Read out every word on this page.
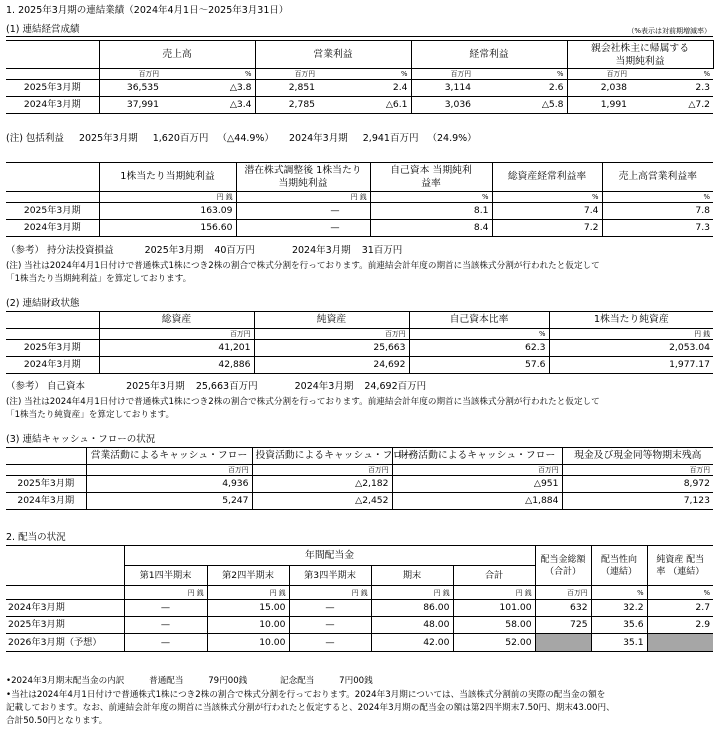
1. 2025年3月期の連結業績（2024年4月1日～2025年3月31日）
(1) 連結経営成績	（%表示は対前期増減率）
	売上高		営業利益		経常利益		親会社株主に帰属する当期純利益	
	百万円	%	百万円	%	百万円	%	百万円	%
2025年3月期	36,535	△3.8	2,851	2.4	3,114	2.6	2,038	2.3
2024年3月期	37,991	△3.4	2,785	△6.1	3,036	△5.8	1,991	△7.2
(注) 包括利益 2025年3月期 1,620百万円 （△44.9%） 2024年3月期 2,941百万円 （24.9%）
	1株当たり当期純利益	潜在株式調整後 1株当たり当期純利益	自己資本 当期純利益率	総資産経常利益率	売上高営業利益率
	円 銭	円 銭	%	%	%
2025年3月期	163.09	—	8.1	7.4	7.8
2024年3月期	156.60	—	8.4	7.2	7.3
（参考） 持分法投資損益	2025年3月期 40百万円	2024年3月期 31百万円
(注) 当社は2024年4月1日付けで普通株式1株につき2株の割合で株式分割を行っております。前連結会計年度の期首に当該株式分割が行われたと仮定して
「1株当たり当期純利益」を算定しております。
(2) 連結財政状態
	総資産	純資産	自己資本比率	1株当たり純資産
	百万円	百万円	%	円 銭
2025年3月期	41,201	25,663	62.3	2,053.04
2024年3月期	42,886	24,692	57.6	1,977.17
（参考） 自己資本	2025年3月期 25,663百万円	2024年3月期 24,692百万円
(注) 当社は2024年4月1日付けで普通株式1株につき2株の割合で株式分割を行っております。前連結会計年度の期首に当該株式分割が行われたと仮定して
「1株当たり純資産」を算定しております。
(3) 連結キャッシュ・フローの状況
	営業活動によるキャッシュ・フロー	投資活動によるキャッシュ・フロー	財務活動によるキャッシュ・フロー	現金及び現金同等物期末残高
	百万円	百万円	百万円	百万円
2025年3月期	4,936	△2,182	△951	8,972
2024年3月期	5,247	△2,452	△1,884	7,123
2. 配当の状況
	年間配当金					配当金総額 （合計）	配当性向 （連結）	純資産 配当率 （連結）
	第1四半期末	第2四半期末	第3四半期末	期末	合計			
	円 銭	円 銭	円 銭	円 銭	円 銭	百万円	%	%
2024年3月期	—	15.00	—	86.00	101.00	632	32.2	2.7
2025年3月期	—	10.00	—	48.00	58.00	725	35.6	2.9
2026年3月期（予想）	—	10.00	—	42.00	52.00		35.1	
•2024年3月期末配当金の内訳	普通配当	79円00銭	記念配当	7円00銭
•当社は2024年4月1日付けで普通株式1株につき2株の割合で株式分割を行っております。2024年3月期については、当該株式分割前の実際の配当金の額を
記載しております。なお、前連結会計年度の期首に当該株式分割が行われたと仮定すると、2024年3月期の配当金の額は第2四半期末7.50円、期末43.00円、
合計50.50円となります。
